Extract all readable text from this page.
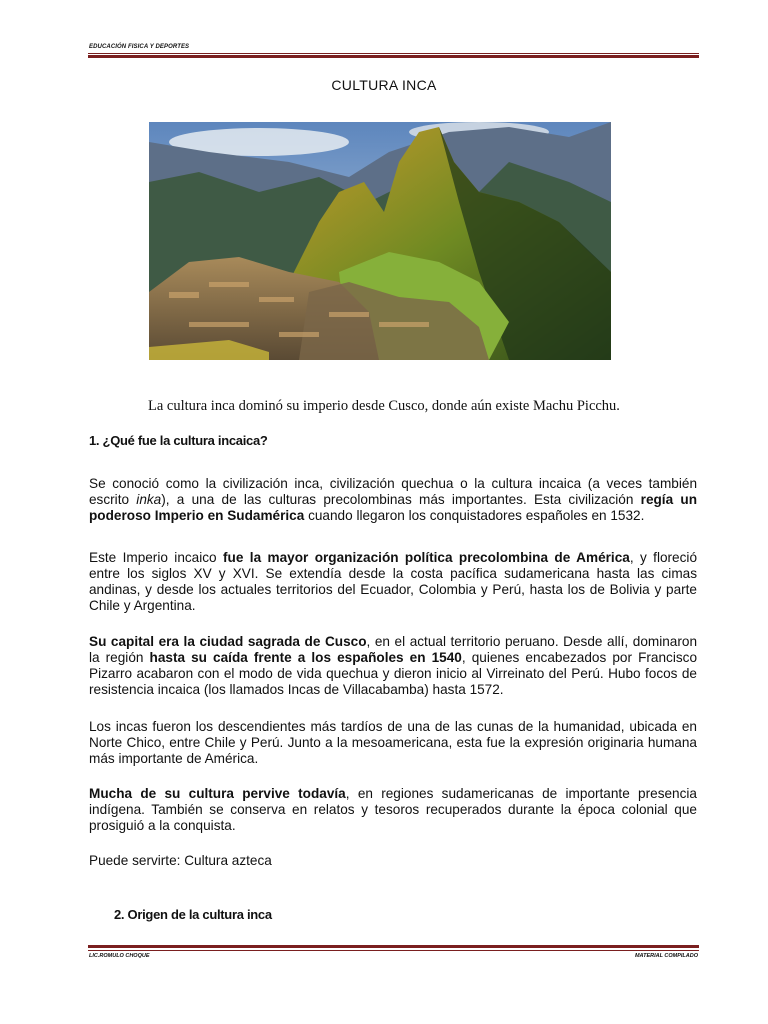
EDUCACIÓN FISICA Y DEPORTES
CULTURA INCA
La cultura inca dominó su imperio desde Cusco, donde aún existe Machu Picchu.
1. ¿Qué fue la cultura incaica?

Se conoció como la civilización inca, civilización quechua o la cultura incaica (a veces también escrito inka), a una de las culturas precolombinas más importantes. Esta civilización regía un poderoso Imperio en Sudamérica cuando llegaron los conquistadores españoles en 1532.

Este Imperio incaico fue la mayor organización política precolombina de América, y floreció entre los siglos XV y XVI. Se extendía desde la costa pacífica sudamericana hasta las cimas andinas, y desde los actuales territorios del Ecuador, Colombia y Perú, hasta los de Bolivia y parte Chile y Argentina.

Su capital era la ciudad sagrada de Cusco, en el actual territorio peruano. Desde allí, dominaron la región hasta su caída frente a los españoles en 1540, quienes encabezados por Francisco Pizarro acabaron con el modo de vida quechua y dieron inicio al Virreinato del Perú. Hubo focos de resistencia incaica (los llamados Incas de Villacabamba) hasta 1572.

Los incas fueron los descendientes más tardíos de una de las cunas de la humanidad, ubicada en Norte Chico, entre Chile y Perú. Junto a la mesoamericana, esta fue la expresión originaria humana más importante de América.

Mucha de su cultura pervive todavía, en regiones sudamericanas de importante presencia indígena. También se conserva en relatos y tesoros recuperados durante la época colonial que prosiguió a la conquista.

Puede servirte: Cultura azteca

2. Origen de la cultura inca
LIC.ROMULO CHOQUE	MATERIAL COMPILADO
